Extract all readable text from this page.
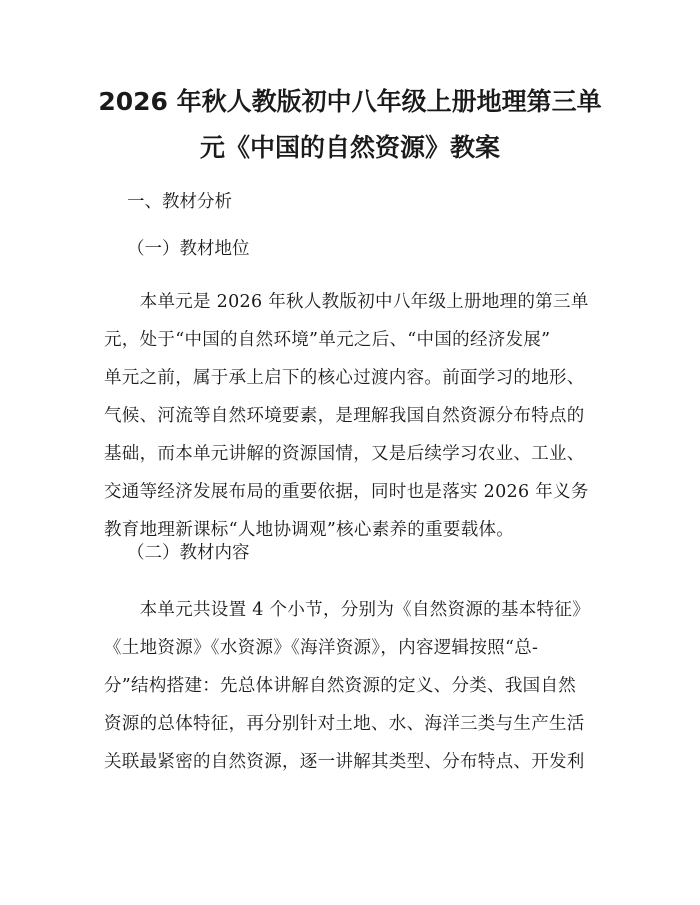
2026 年秋人教版初中八年级上册地理第三单
元《中国的自然资源》教案

一、教材分析

（一）教材地位

　　本单元是 2026 年秋人教版初中八年级上册地理的第三单
元，处于“中国的自然环境”单元之后、“中国的经济发展”
单元之前，属于承上启下的核心过渡内容。前面学习的地形、
气候、河流等自然环境要素，是理解我国自然资源分布特点的
基础，而本单元讲解的资源国情，又是后续学习农业、工业、
交通等经济发展布局的重要依据，同时也是落实 2026 年义务
教育地理新课标“人地协调观”核心素养的重要载体。

（二）教材内容

　　本单元共设置 4 个小节，分别为《自然资源的基本特征》
《土地资源》《水资源》《海洋资源》，内容逻辑按照“总-
分”结构搭建：先总体讲解自然资源的定义、分类、我国自然
资源的总体特征，再分别针对土地、水、海洋三类与生产生活
关联最紧密的自然资源，逐一讲解其类型、分布特点、开发利
